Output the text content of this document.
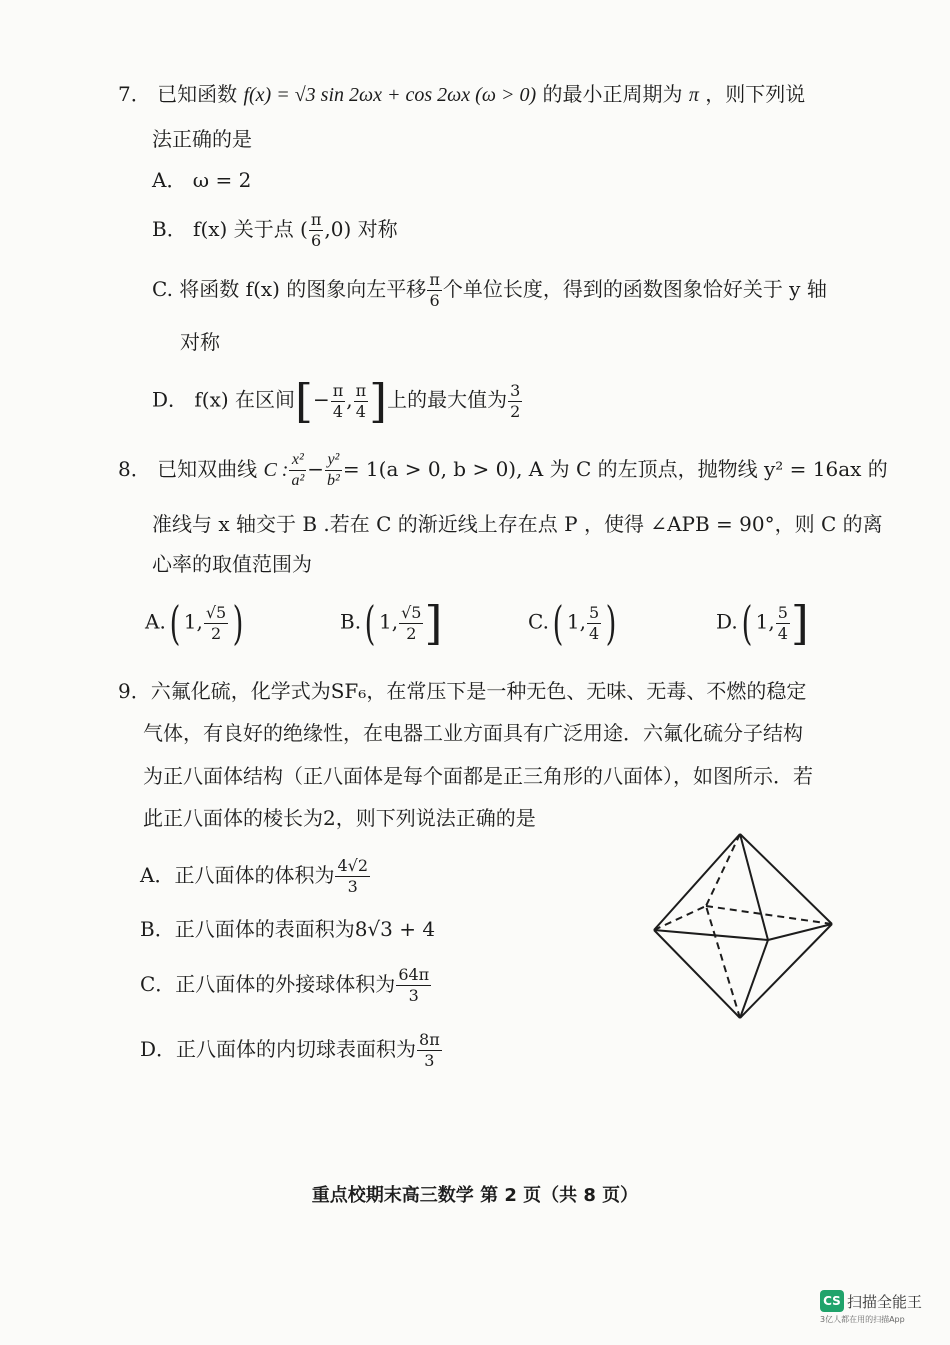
7． 已知函数 f(x) = √3 sin 2ωx + cos 2ωx (ω > 0) 的最小正周期为 π ，则下列说
法正确的是
A． ω = 2
B． f(x) 关于点 ( $\frac{\pi}{6} ,0$) 对称
C. 将函数 f(x) 的图象向左平移 $\frac{\pi}{6}$ 个单位长度，得到的函数图象恰好关于 y 轴
对称
D． f(x) 在区间[− $\frac{\pi}{4}$ , $\frac{\pi}{4}$ ]上的最大值为 $\frac{3}{2}$
8． 已知双曲线 C : $\frac{\text{x²}}{\text{a²}} - \frac{\text{y²}}{\text{b²}} = 1(a > 0$, b > 0), A 为 C 的左顶点，抛物线 y² = 16ax 的
准线与 x 轴交于 B .若在 C 的渐近线上存在点 P ，使得 ∠APB = 90°，则 C 的离
心率的取值范围为
A.( 1, $\frac{√5}{2}$ )	B.( 1, $\frac{√5}{2}$ ]	C.( 1, $\frac{5}{4}$ )	D.( 1, $\frac{5}{4}$ ]
9．六氟化硫，化学式为SF₆，在常压下是一种无色、无味、无毒、不燃的稳定
气体，有良好的绝缘性，在电器工业方面具有广泛用途．六氟化硫分子结构
为正八面体结构（正八面体是每个面都是正三角形的八面体），如图所示．若
此正八面体的棱长为2，则下列说法正确的是
A．正八面体的体积为 $\frac{4√2}{3}$
B．正八面体的表面积为8√3 + 4
C．正八面体的外接球体积为 $\frac{64\pi}{3}$
D．正八面体的内切球表面积为 $\frac{8\pi}{3}$
重点校期末高三数学 第 2 页（共 8 页）
CS 扫描全能王
3亿人都在用的扫描App
